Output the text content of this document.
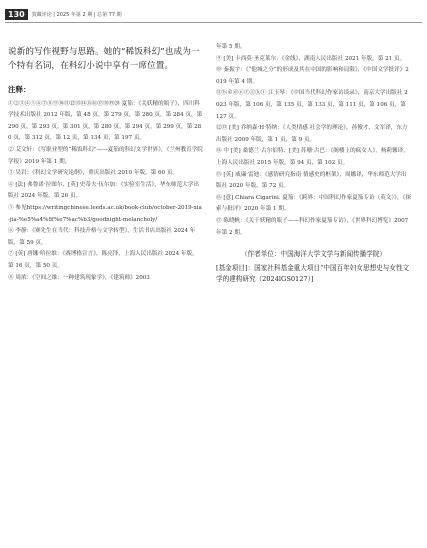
130	賀藏评论 | 2025 年第 2 期 | 总第 77 期

说新的写作视野与思路。她的“稀饭科幻”也成为一个特有名词，在科幻小说中享有一席位置。

注释：

①②③④⑤⑥⑦⑧⑨⑩⑪⑫⑬⑭⑮⑯⑰⑱⑲⑳ 夏笳：《关妖精的瓶子》，四川科学技术出版社 2012 年版，第 48 页，第 279 页，第 280 页，第 284 页，第 290 页，第 293 页，第 301 页，第 280 页，第 294 页，第 299 页，第 280 页，第 312 页，第 12 页，第 134 页，第 197 页。

② 艾文轩：《写职业型的“稀饭科幻”——夏笳的科幻文学世界》，《兰州教育学院学报》2019 年第 1 期。

③ 吴岩：《科幻文学研究论纲》，重庆出版社 2010 年版，第 60 页。

④ [法] 弗鲁诺·拉图尔、[英] 史蒂夫·伍尔加：《实验室生活》，华东师范大学出版社 2024 年版，第 26 页。

⑤ 参见https://writingchinese.leeds.ac.uk/book-club/october-2019-xia-jia-%e5%a4%8f%e7%ac%b3/goodnight-melancholy/

⑥ 李静：《赛先生在当代：科技升格与文学转型》，生活书店出版社 2024 年版，第 59 页。

⑦ [英] 唐娜·哈拉维：《赛博格宣言》，陈亮泽，上海人民出版社 2024 年版，第 16 页，第 50 页。

⑧ 周浓：《空间之维：一种建筑现象学》，《建筑师》2003

年第 5 期。

⑨ [美] 卡西莫·圣克莱尔：《金线》，湖南人民出版社 2021 年版，第 21 页。

⑩ 秦振宇：《“他城之分”的形成及其在中国的影响和局限》，《中国文学批评》2019 年第 4 期。

⑪ⓑ©ⓓⓔⓕⓖⓗⓘ 江玉琴：《中国当代科幻作家访谈录》，南京大学出版社 2023 年版，第 106 页，第 135 页，第 133 页，第 111 页，第 106 页，第 127 页。

⑫⑬ [美] 乔纳森·H·特纳：《人类情感 社会学的理论》，孙俊才、文军译，东方出版社 2009 年版，第 1 页，第 9 页。

⑭ 中 [美] 桑德兰·古尔伯特、[美] 苏珊·古巴：《阁楼上的疯女人》，杨莉馨译，上海人民出版社 2015 年版，第 94 页，第 102 页。

⑮ [英] 威廉·雷迪：《感情研究指南 情感史的框架》，周娜译，华东师范大学出版社 2020 年版，第 72 页。

⑯ [意] Chiara Cigarini. 夏笳：《跨界：中国科幻作家夏笳专访（英文）》，《探索与批评》2020 年第 1 期。

⑰ 陈晓帆：《关于妖精的瓶子——科幻作家夏笳专访》，《世界科幻博览》2007 年第 2 期。

（作者单位：中国海洋大学文学与新闻传播学院）

[基金项目]：国家社科基金重大项目“中国百年妇女思想史与女性文学的建构研究（2024lGS0127）]
